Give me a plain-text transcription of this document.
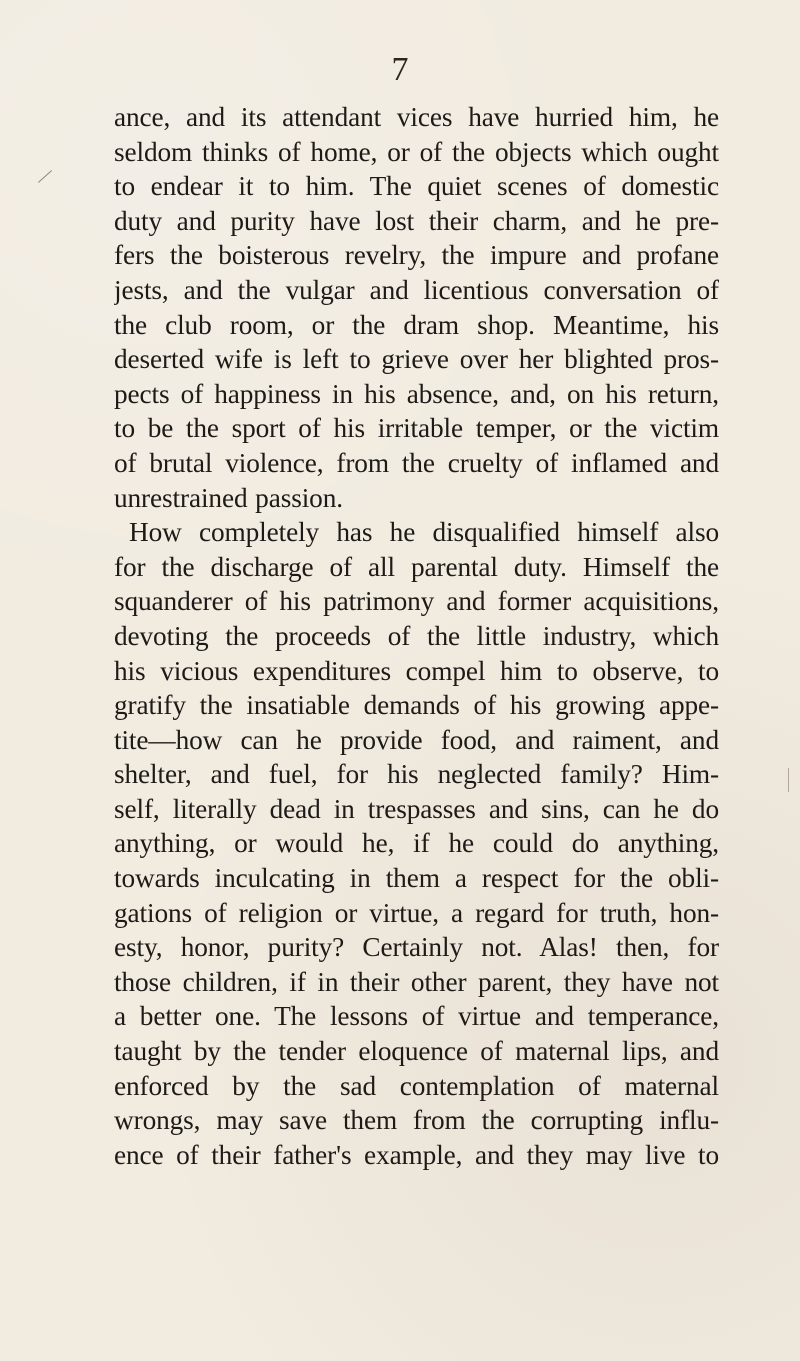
7
ance, and its attendant vices have hurried him, he
seldom thinks of home, or of the objects which ought
to endear it to him. The quiet scenes of domestic
duty and purity have lost their charm, and he pre-
fers the boisterous revelry, the impure and profane
jests, and the vulgar and licentious conversation of
the club room, or the dram shop. Meantime, his
deserted wife is left to grieve over her blighted pros-
pects of happiness in his absence, and, on his return,
to be the sport of his irritable temper, or the victim
of brutal violence, from the cruelty of inflamed and
unrestrained passion.
How completely has he disqualified himself also
for the discharge of all parental duty. Himself the
squanderer of his patrimony and former acquisitions,
devoting the proceeds of the little industry, which
his vicious expenditures compel him to observe, to
gratify the insatiable demands of his growing appe-
tite—how can he provide food, and raiment, and
shelter, and fuel, for his neglected family? Him-
self, literally dead in trespasses and sins, can he do
anything, or would he, if he could do anything,
towards inculcating in them a respect for the obli-
gations of religion or virtue, a regard for truth, hon-
esty, honor, purity? Certainly not. Alas! then, for
those children, if in their other parent, they have not
a better one. The lessons of virtue and temperance,
taught by the tender eloquence of maternal lips, and
enforced by the sad contemplation of maternal
wrongs, may save them from the corrupting influ-
ence of their father's example, and they may live to
